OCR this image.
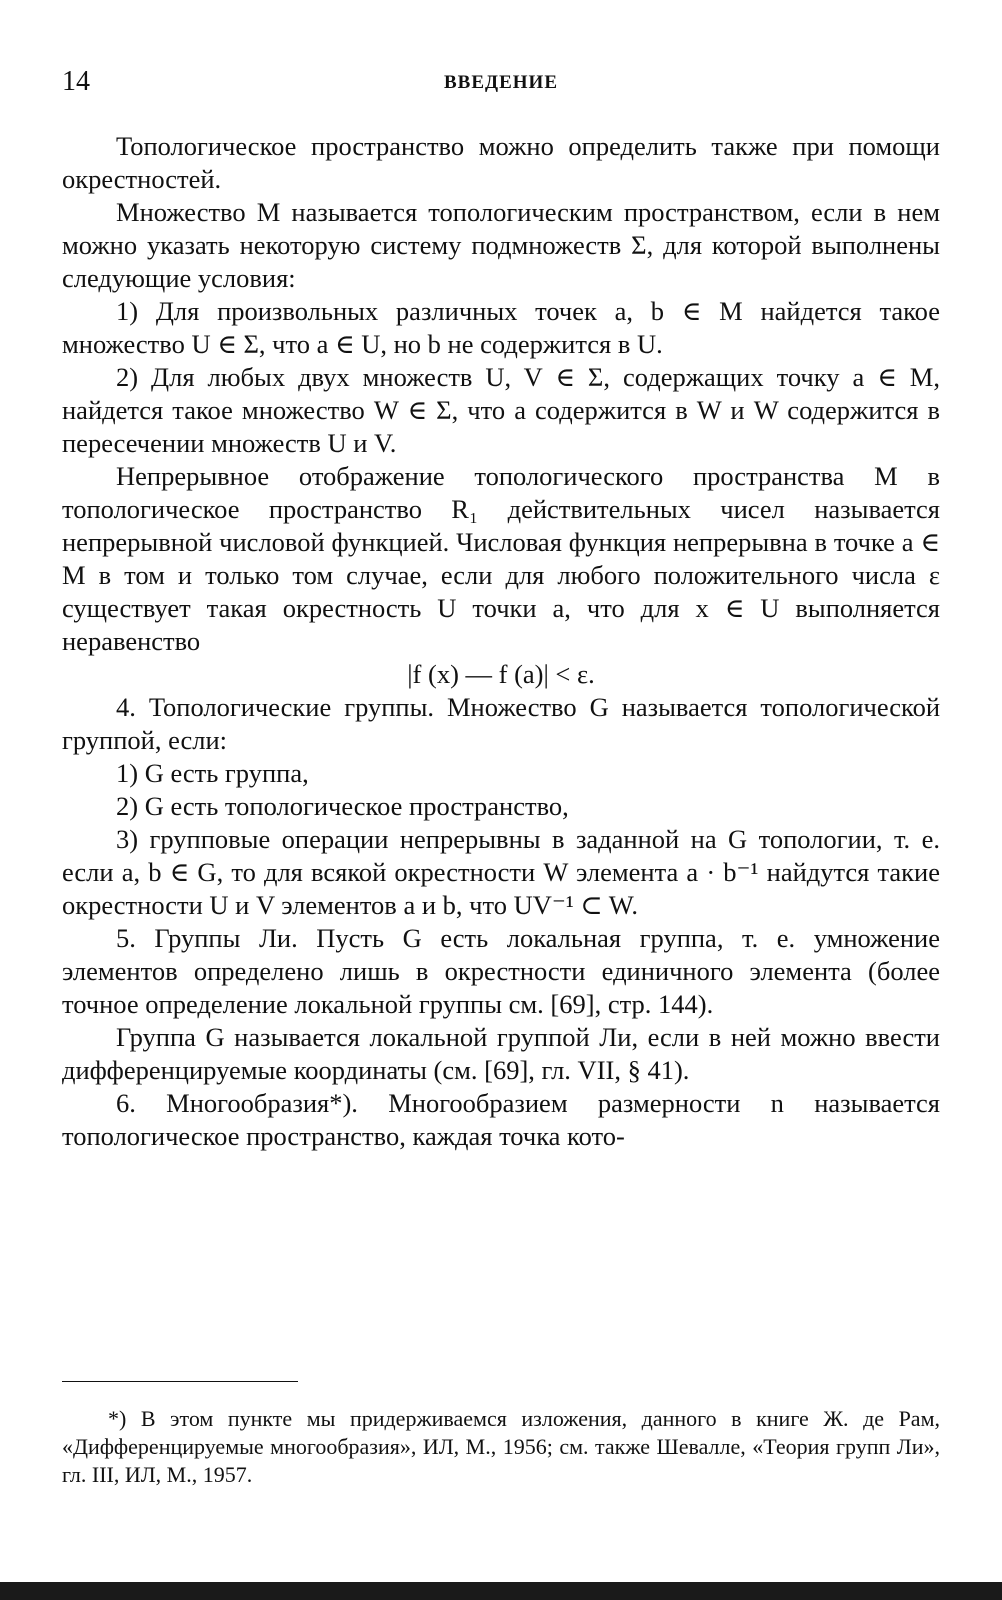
14	ВВЕДЕНИЕ

Топологическое пространство можно определить также при помощи окрестностей.

Множество M называется топологическим пространством, если в нем можно указать некоторую систему подмножеств Σ, для которой выполнены следующие условия:

1) Для произвольных различных точек a, b ∈ M найдется такое множество U ∈ Σ, что a ∈ U, но b не содержится в U.

2) Для любых двух множеств U, V ∈ Σ, содержащих точку a ∈ M, найдется такое множество W ∈ Σ, что a содержится в W и W содержится в пересечении множеств U и V.

Непрерывное отображение топологического пространства M в топологическое пространство R₁ действительных чисел называется непрерывной числовой функцией. Числовая функция непрерывна в точке a ∈ M в том и только том случае, если для любого положительного числа ε существует такая окрестность U точки a, что для x ∈ U выполняется неравенство

|f (x) — f (a)| < ε.

4. Топологические группы. Множество G называется топологической группой, если:

1) G есть группа,

2) G есть топологическое пространство,

3) групповые операции непрерывны в заданной на G топологии, т. е. если a, b ∈ G, то для всякой окрестности W элемента a · b⁻¹ найдутся такие окрестности U и V элементов a и b, что UV⁻¹ ⊂ W.

5. Группы Ли. Пусть G есть локальная группа, т. е. умножение элементов определено лишь в окрестности единичного элемента (более точное определение локальной группы см. [69], стр. 144).

Группа G называется локальной группой Ли, если в ней можно ввести дифференцируемые координаты (см. [69], гл. VII, § 41).

6. Многообразия*). Многообразием размерности n называется топологическое пространство, каждая точка кото-

*) В этом пункте мы придерживаемся изложения, данного в книге Ж. де Рам, «Дифференцируемые многообразия», ИЛ, М., 1956; см. также Шевалле, «Теория групп Ли», гл. III, ИЛ, М., 1957.
